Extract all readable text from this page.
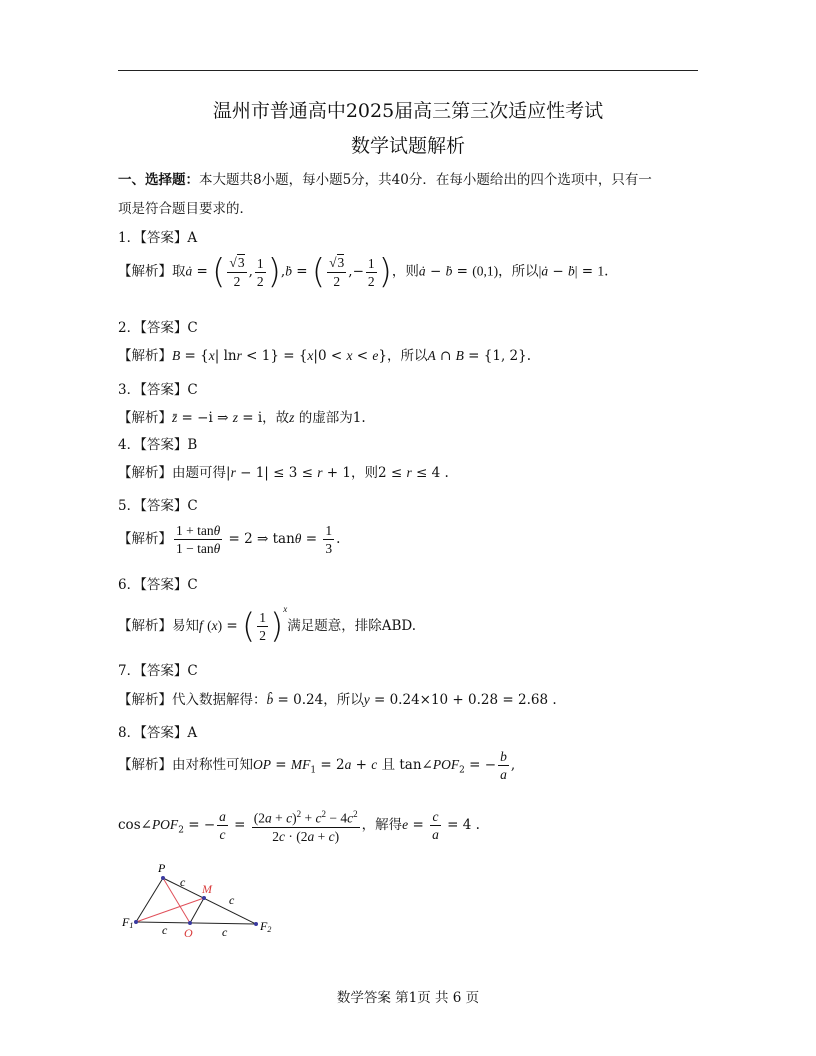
温州市普通高中2025届高三第三次适应性考试
数学试题解析
一、选择题：本大题共8小题，每小题5分，共40分．在每小题给出的四个选项中，只有一
项是符合题目要求的．
1．【答案】A
【解析】取ȧ = ( $\frac{√3}{2}$ , $\frac{1}{2}$ ),ḃ = ( $\frac{√3}{2}$ ,− $\frac{1}{2}$ )，则ȧ − ḃ = (0,1)，所以|ȧ − ḃ| = 1.
2．【答案】C
【解析】B = {x| lnr < 1} = {x|0 < x < e}，所以A ∩ B = {1, 2}.
3．【答案】C
【解析】z̄ = −i ⇒ z = i，故z 的虚部为1.
4．【答案】B
【解析】由题可得|r − 1| ≤ 3 ≤ r + 1，则2 ≤ r ≤ 4 .
5．【答案】C
【解析】 $\frac{1 + \tan\theta}{1 - \tan\theta} = 2$ ⇒ $\tan\theta = \frac{1}{3}$ .
6．【答案】C
【解析】易知f (x) = ( $\frac{1}{2} )^x$满足题意，排除ABD.
7．【答案】C
【解析】代入数据解得：b̂ = 0.24，所以y = 0.24×10 + 0.28 = 2.68 .
8．【答案】A
【解析】由对称性可知OP = $MF_1 = 2a + c$ 且 $\tan\angle POF_2$ = − $\frac{b}{a}$ ,
$\cos\angle POF_2$ = − $\frac{a}{c} = \frac{(2a + c)^2 + c^2 - 4c^2}{2c \cdot (2a + c)}$ ，解得$e = \frac{c}{a} = 4$ .
P
M
F1
O	F2
c
c
c	c
数学答案 第1页 共 6 页
